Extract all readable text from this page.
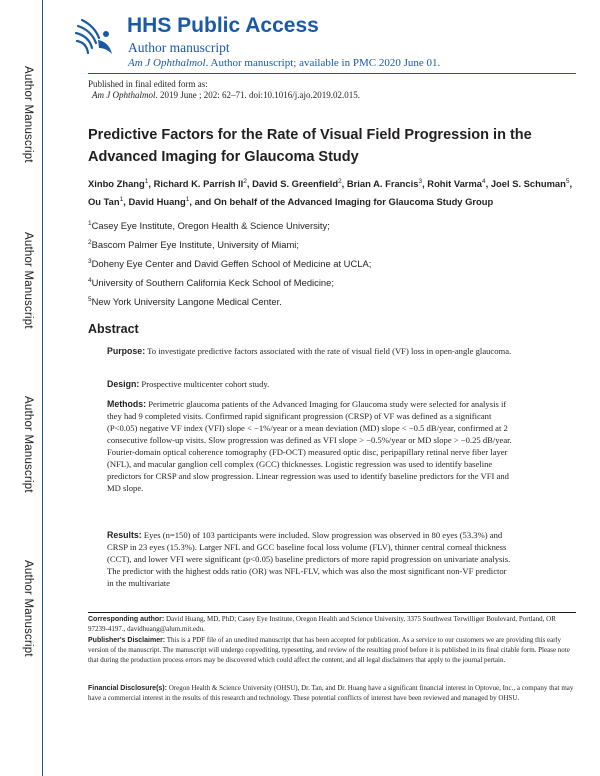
Author Manuscript
Author Manuscript
Author Manuscript
Author Manuscript
HHS Public Access
Author manuscript
Am J Ophthalmol. Author manuscript; available in PMC 2020 June 01.
Published in final edited form as:
Am J Ophthalmol. 2019 June ; 202: 62–71. doi:10.1016/j.ajo.2019.02.015.
Predictive Factors for the Rate of Visual Field Progression in the Advanced Imaging for Glaucoma Study
Xinbo Zhang$^1$, Richard K. Parrish $II^2$, David S. Greenfield$^2$, Brian A. Francis$^3$, Rohit Varma$^4$, Joel S. Schuman$^5$, Ou Tan$^1$, David Huang$^1$, and On behalf of the Advanced Imaging for Glaucoma Study Group
$^1$Casey Eye Institute, Oregon Health & Science University;
$^2$Bascom Palmer Eye Institute, University of Miami;
$^3$Doheny Eye Center and David Geffen School of Medicine at UCLA;
$^4$University of Southern California Keck School of Medicine;
$^5$New York University Langone Medical Center.
Abstract
Purpose: To investigate predictive factors associated with the rate of visual field (VF) loss in open-angle glaucoma.
Design: Prospective multicenter cohort study.
Methods: Perimetric glaucoma patients of the Advanced Imaging for Glaucoma study were selected for analysis if they had 9 completed visits. Confirmed rapid significant progression (CRSP) of VF was defined as a significant (P<0.05) negative VF index (VFI) slope < −1%/year or a mean deviation (MD) slope < −0.5 dB/year, confirmed at 2 consecutive follow-up visits. Slow progression was defined as VFI slope > −0.5%/year or MD slope > −0.25 dB/year. Fourier-domain optical coherence tomography (FD-OCT) measured optic disc, peripapillary retinal nerve fiber layer (NFL), and macular ganglion cell complex (GCC) thicknesses. Logistic regression was used to identify baseline predictors for CRSP and slow progression. Linear regression was used to identify baseline predictors for the VFI and MD slope.
Results: Eyes (n=150) of 103 participants were included. Slow progression was observed in 80 eyes (53.3%) and CRSP in 23 eyes (15.3%). Larger NFL and GCC baseline focal loss volume (FLV), thinner central corneal thickness (CCT), and lower VFI were significant (p<0.05) baseline predictors of more rapid progression on univariate analysis. The predictor with the highest odds ratio (OR) was NFL-FLV, which was also the most significant non-VF predictor in the multivariate
Corresponding author: David Huang, MD, PhD; Casey Eye Institute, Oregon Health and Science University, 3375 Southwest Terwilliger Boulevard, Portland, OR 97239-4197., davidhuang@alum.mit.edu.
Publisher's Disclaimer: This is a PDF file of an unedited manuscript that has been accepted for publication. As a service to our customers we are providing this early version of the manuscript. The manuscript will undergo copyediting, typesetting, and review of the resulting proof before it is published in its final citable form. Please note that during the production process errors may be discovered which could affect the content, and all legal disclaimers that apply to the journal pertain.
Financial Disclosure(s): Oregon Health & Science University (OHSU), Dr. Tan, and Dr. Huang have a significant financial interest in Optovue, Inc., a company that may have a commercial interest in the results of this research and technology. These potential conflicts of interest have been reviewed and managed by OHSU.
